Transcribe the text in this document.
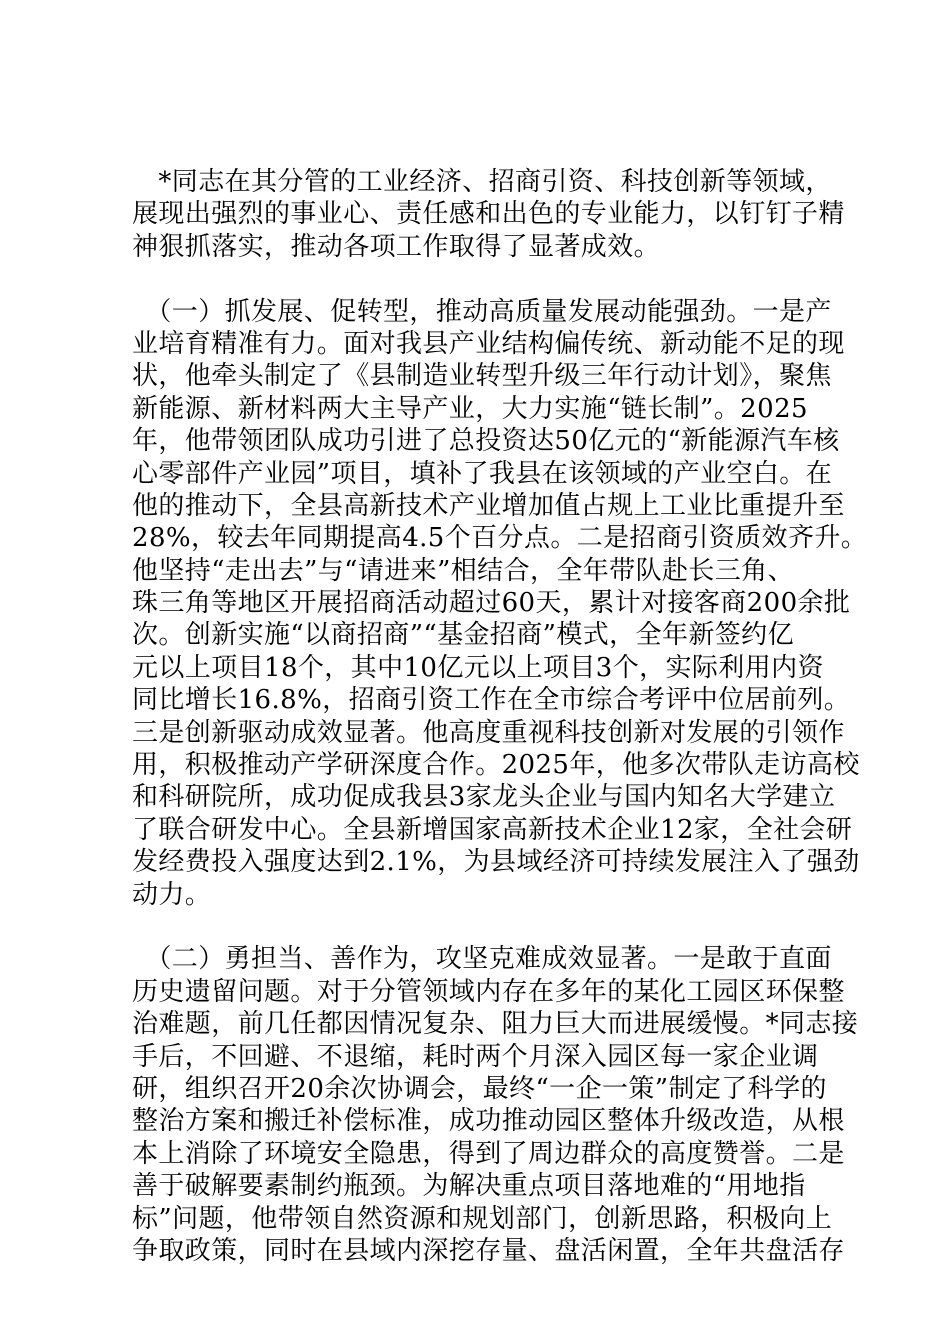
　*同志在其分管的工业经济、招商引资、科技创新等领域，
展现出强烈的事业心、责任感和出色的专业能力，以钉钉子精
神狠抓落实，推动各项工作取得了显著成效。
　（一）抓发展、促转型，推动高质量发展动能强劲。一是产
业培育精准有力。面对我县产业结构偏传统、新动能不足的现
状，他牵头制定了《县制造业转型升级三年行动计划》，聚焦
新能源、新材料两大主导产业，大力实施“链长制”。2025
年，他带领团队成功引进了总投资达50亿元的“新能源汽车核
心零部件产业园”项目，填补了我县在该领域的产业空白。在
他的推动下，全县高新技术产业增加值占规上工业比重提升至
28%，较去年同期提高4.5个百分点。二是招商引资质效齐升。
他坚持“走出去”与“请进来”相结合，全年带队赴长三角、
珠三角等地区开展招商活动超过60天，累计对接客商200余批
次。创新实施“以商招商”“基金招商”模式，全年新签约亿
元以上项目18个，其中10亿元以上项目3个，实际利用内资
同比增长16.8%，招商引资工作在全市综合考评中位居前列。
三是创新驱动成效显著。他高度重视科技创新对发展的引领作
用，积极推动产学研深度合作。2025年，他多次带队走访高校
和科研院所，成功促成我县3家龙头企业与国内知名大学建立
了联合研发中心。全县新增国家高新技术企业12家，全社会研
发经费投入强度达到2.1%，为县域经济可持续发展注入了强劲
动力。
　（二）勇担当、善作为，攻坚克难成效显著。一是敢于直面
历史遗留问题。对于分管领域内存在多年的某化工园区环保整
治难题，前几任都因情况复杂、阻力巨大而进展缓慢。*同志接
手后，不回避、不退缩，耗时两个月深入园区每一家企业调
研，组织召开20余次协调会，最终“一企一策”制定了科学的
整治方案和搬迁补偿标准，成功推动园区整体升级改造，从根
本上消除了环境安全隐患，得到了周边群众的高度赞誉。二是
善于破解要素制约瓶颈。为解决重点项目落地难的“用地指
标”问题，他带领自然资源和规划部门，创新思路，积极向上
争取政策，同时在县域内深挖存量、盘活闲置，全年共盘活存
